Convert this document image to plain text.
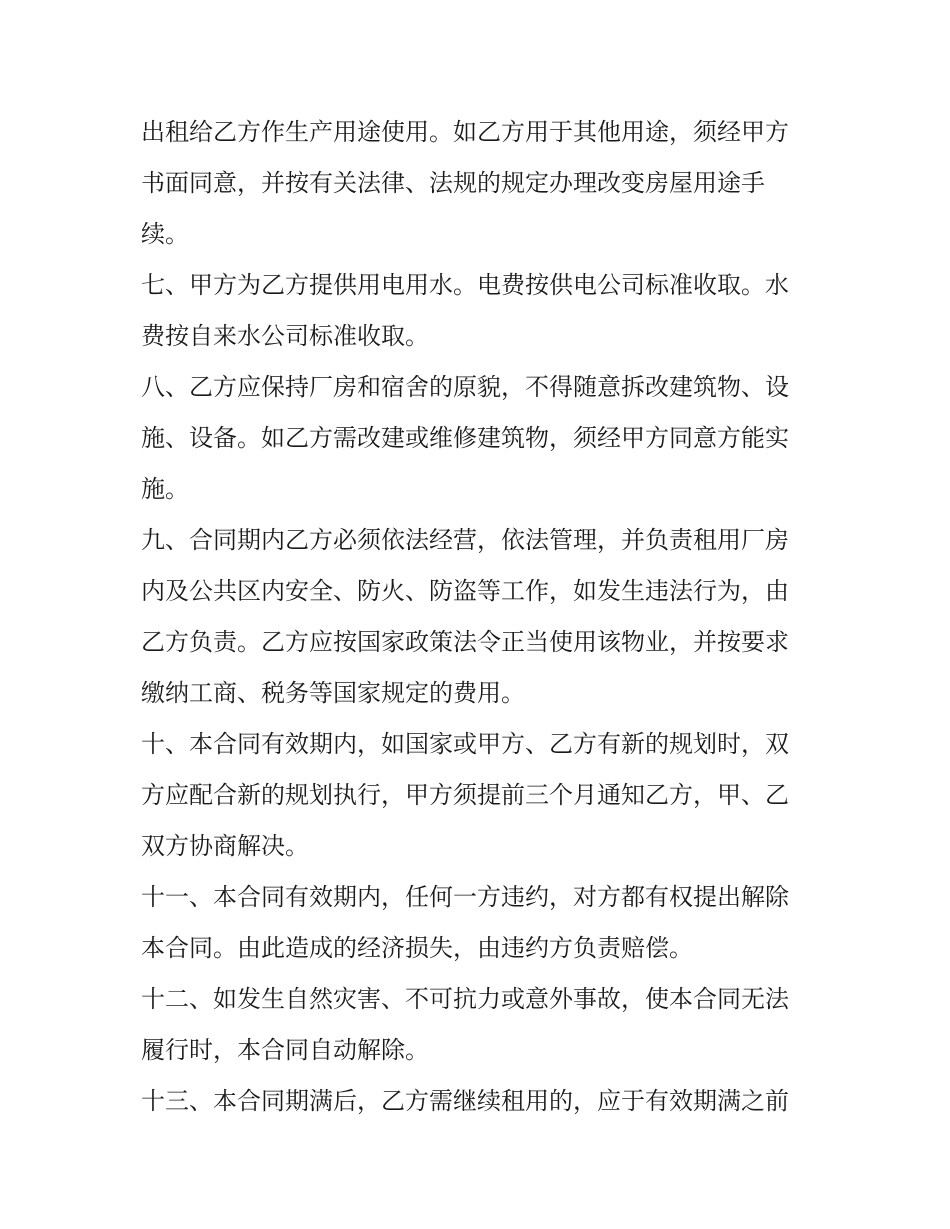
出租给乙方作生产用途使用。如乙方用于其他用途，须经甲方
书面同意，并按有关法律、法规的规定办理改变房屋用途手
续。
七、甲方为乙方提供用电用水。电费按供电公司标准收取。水
费按自来水公司标准收取。
八、乙方应保持厂房和宿舍的原貌，不得随意拆改建筑物、设
施、设备。如乙方需改建或维修建筑物，须经甲方同意方能实
施。
九、合同期内乙方必须依法经营，依法管理，并负责租用厂房
内及公共区内安全、防火、防盗等工作，如发生违法行为，由
乙方负责。乙方应按国家政策法令正当使用该物业，并按要求
缴纳工商、税务等国家规定的费用。
十、本合同有效期内，如国家或甲方、乙方有新的规划时，双
方应配合新的规划执行，甲方须提前三个月通知乙方，甲、乙
双方协商解决。
十一、本合同有效期内，任何一方违约，对方都有权提出解除
本合同。由此造成的经济损失，由违约方负责赔偿。
十二、如发生自然灾害、不可抗力或意外事故，使本合同无法
履行时，本合同自动解除。
十三、本合同期满后，乙方需继续租用的，应于有效期满之前
